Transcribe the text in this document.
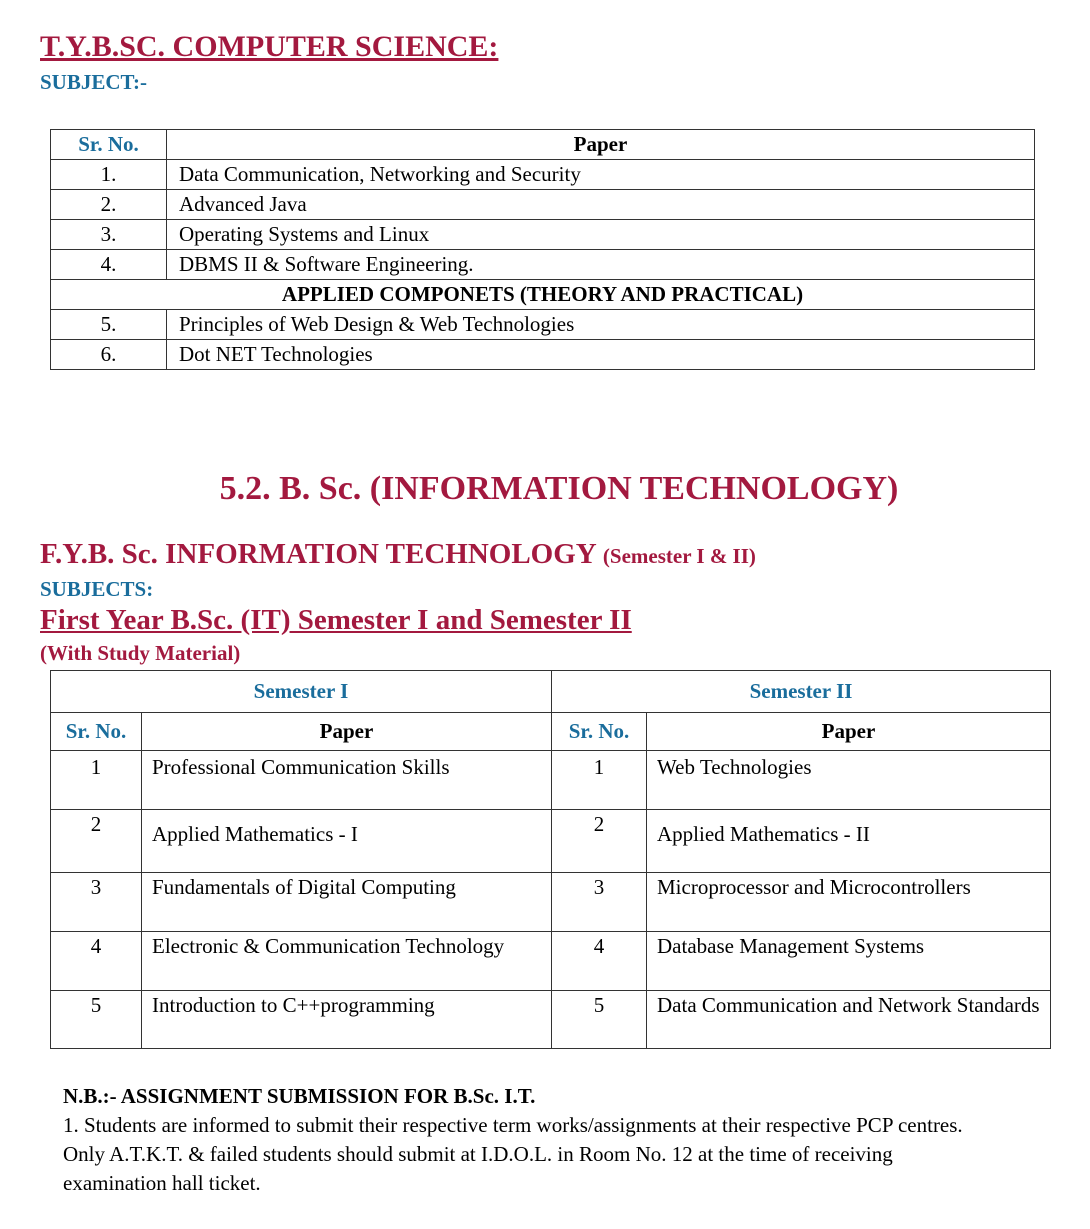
T.Y.B.SC. COMPUTER SCIENCE:
SUBJECT:-
Sr. No.	Paper
1.	Data Communication, Networking and Security
2.	Advanced Java
3.	Operating Systems and Linux
4.	DBMS II & Software Engineering.
APPLIED COMPONETS (THEORY AND PRACTICAL)	
5.	Principles of Web Design & Web Technologies
6.	Dot NET Technologies
5.2. B. Sc. (INFORMATION TECHNOLOGY)
F.Y.B. Sc. INFORMATION TECHNOLOGY (Semester I & II)
SUBJECTS:
First Year B.Sc. (IT) Semester I and Semester II
(With Study Material)
Semester I		Semester II	
Sr. No.	Paper	Sr. No.	Paper
1	Professional Communication Skills	1	Web Technologies
2	Applied Mathematics - I	2	Applied Mathematics - II
3	Fundamentals of Digital Computing	3	Microprocessor and Microcontrollers
4	Electronic & Communication Technology	4	Database Management Systems
5	Introduction to C++programming	5	Data Communication and Network Standards
N.B.:- ASSIGNMENT SUBMISSION FOR B.Sc. I.T.
1. Students are informed to submit their respective term works/assignments at their respective PCP centres. Only A.T.K.T. & failed students should submit at I.D.O.L. in Room No. 12 at the time of receiving examination hall ticket.
